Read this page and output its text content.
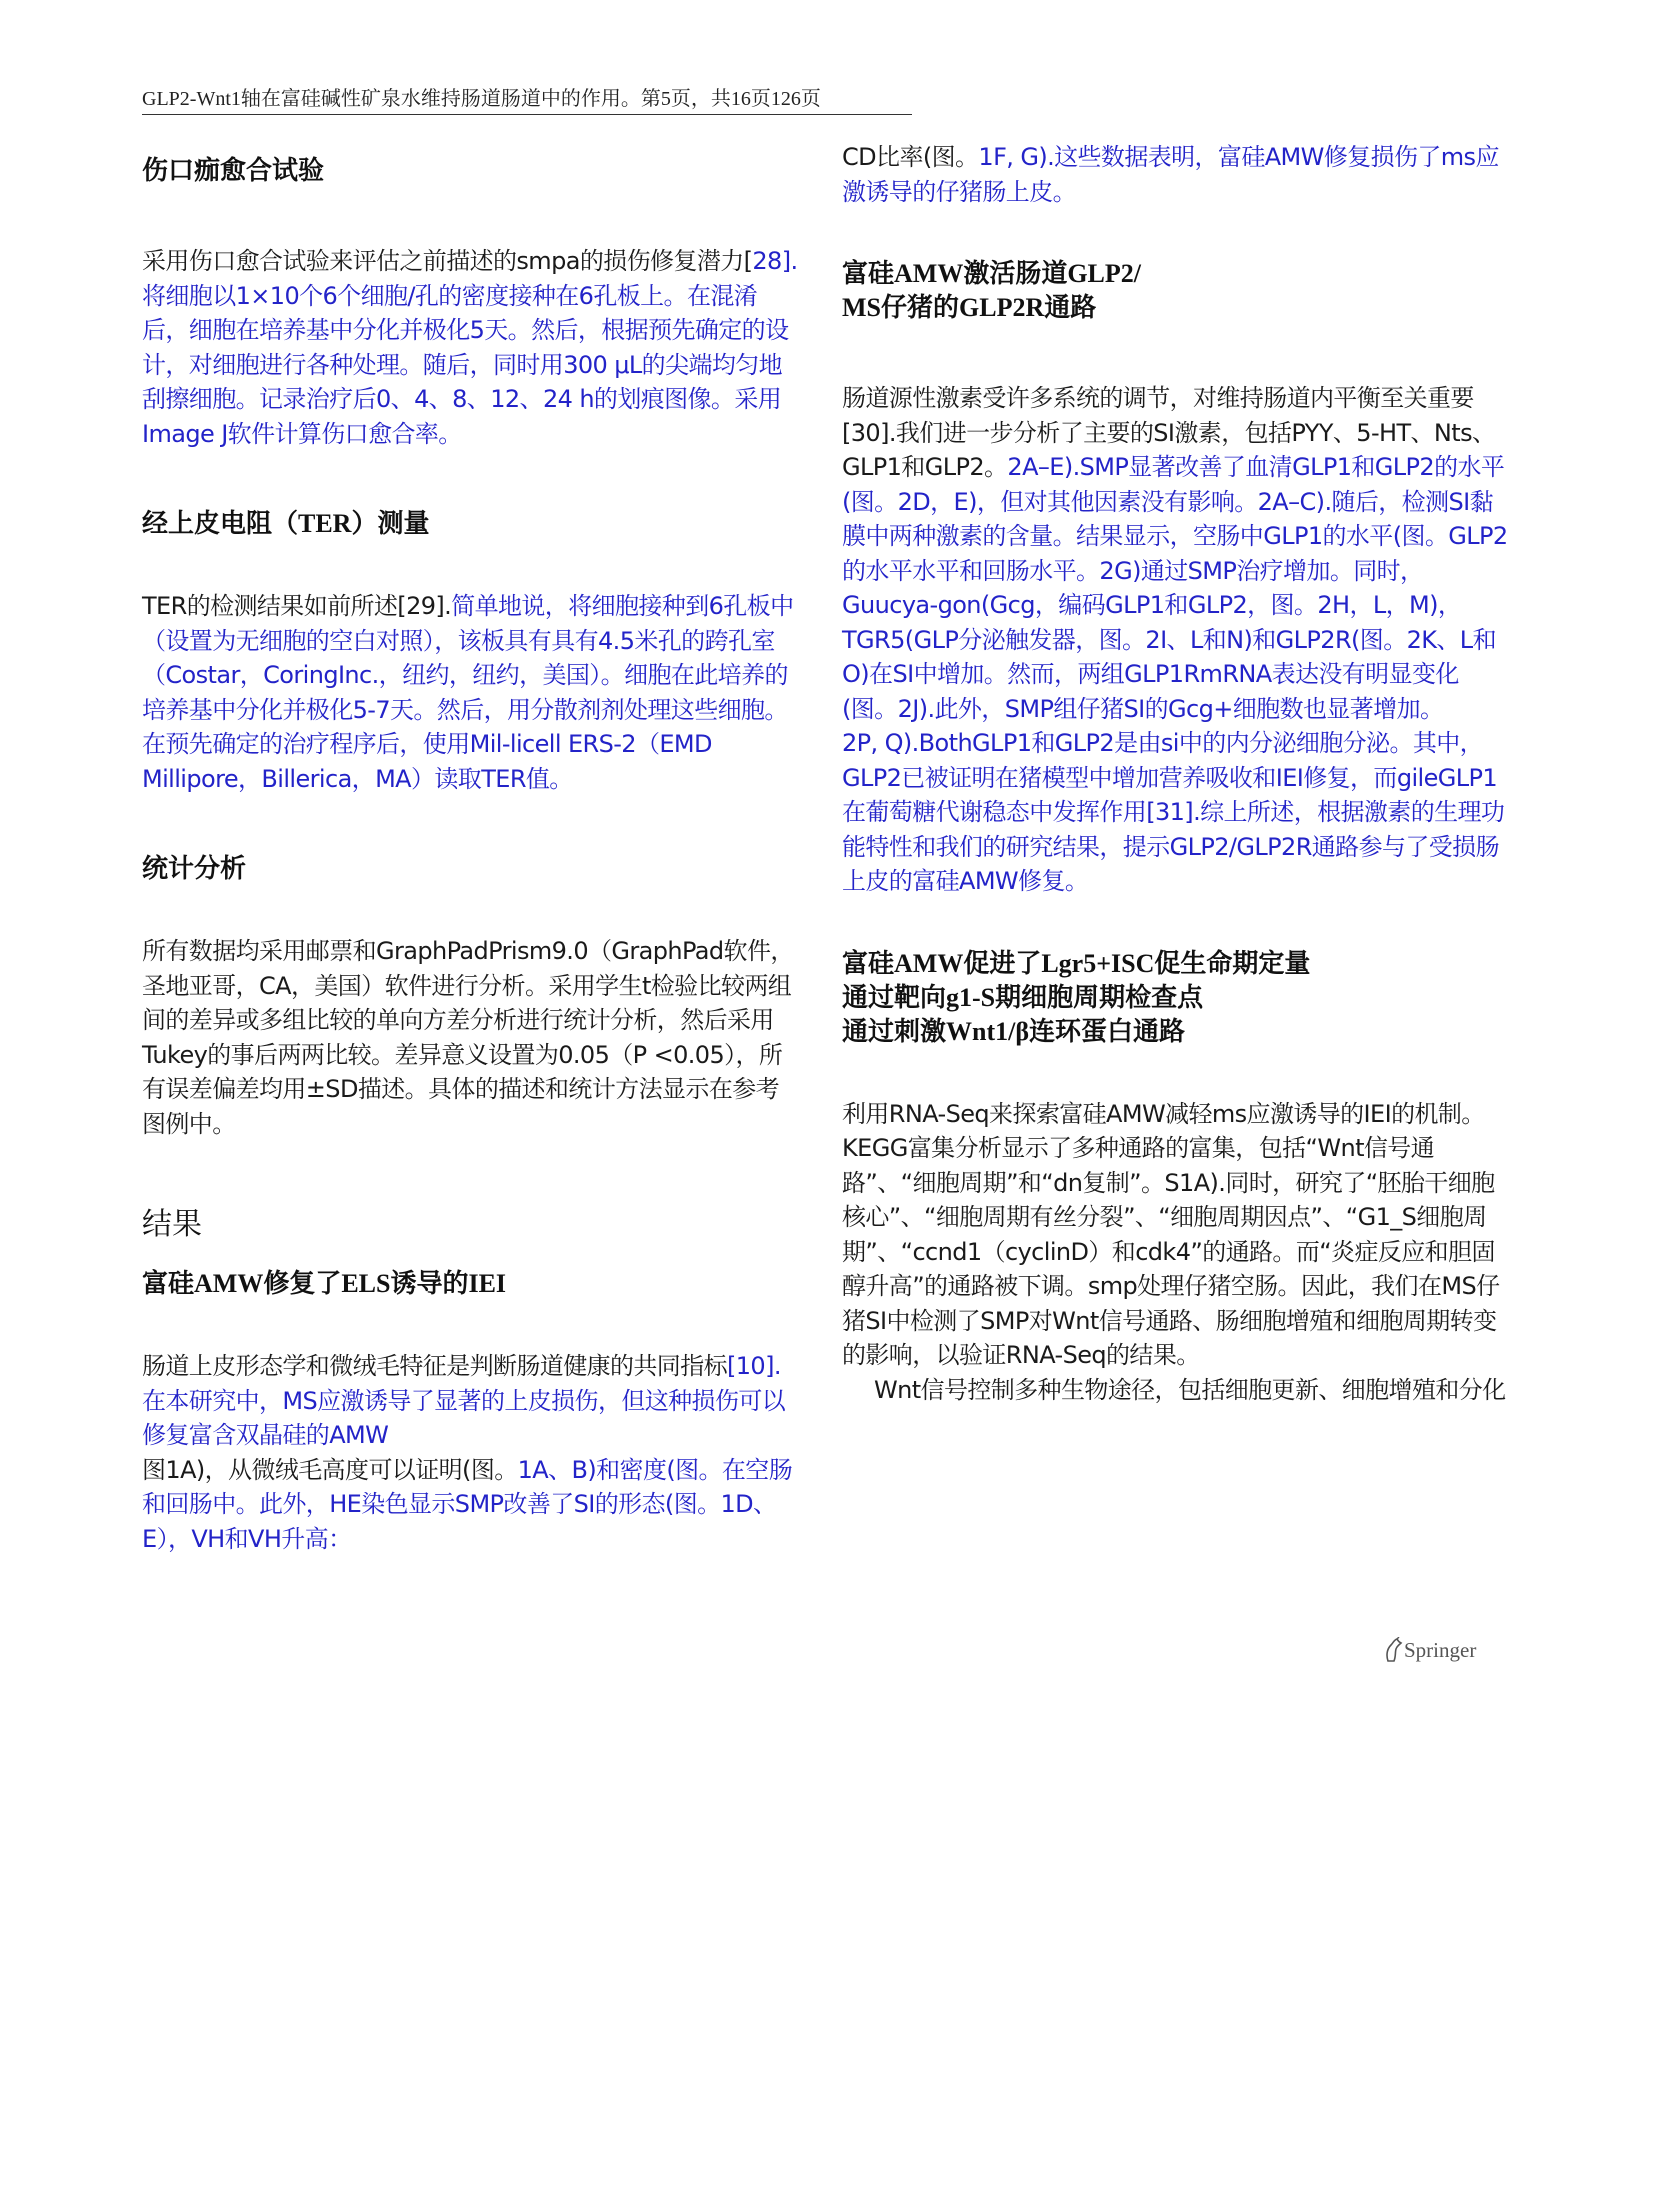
GLP2-Wnt1轴在富硅碱性矿泉水维持肠道肠道中的作用。第5页，共16页126页
伤口痂愈合试验

采用伤口愈合试验来评估之前描述的smpa的损伤修复潜力[28].将细胞以1×10个6个细胞/孔的密度接种在6孔板上。在混淆后，细胞在培养基中分化并极化5天。然后，根据预先确定的设计，对细胞进行各种处理。随后，同时用300 μL的尖端均匀地刮擦细胞。记录治疗后0、4、8、12、24 h的划痕图像。采用Image J软件计算伤口愈合率。

经上皮电阻（TER）测量

TER的检测结果如前所述[29].简单地说，将细胞接种到6孔板中（设置为无细胞的空白对照），该板具有具有4.5米孔的跨孔室（Costar，CoringInc.，纽约，纽约，美国）。细胞在此培养的培养基中分化并极化5-7天。然后，用分散剂剂处理这些细胞。在预先确定的治疗程序后，使用Mil-licell ERS-2（EMD Millipore，Billerica，MA）读取TER值。

统计分析

所有数据均采用邮票和GraphPadPrism9.0（GraphPad软件，圣地亚哥，CA，美国）软件进行分析。采用学生t检验比较两组间的差异或多组比较的单向方差分析进行统计分析，然后采用Tukey的事后两两比较。差异意义设置为0.05（P <0.05），所有误差偏差均用±SD描述。具体的描述和统计方法显示在参考图例中。

结果
富硅AMW修复了ELS诱导的IEI

肠道上皮形态学和微绒毛特征是判断肠道健康的共同指标[10].在本研究中，MS应激诱导了显著的上皮损伤，但这种损伤可以修复富含双晶硅的AMW

图1A)，从微绒毛高度可以证明(图。1A、B)和密度(图。在空肠和回肠中。此外，HE染色显示SMP改善了SI的形态(图。1D、E），VH和VH升高：

CD比率(图。1F, G).这些数据表明，富硅AMW修复损伤了ms应激诱导的仔猪肠上皮。

富硅AMW激活肠道GLP2/
MS仔猪的GLP2R通路

肠道源性激素受许多系统的调节，对维持肠道内平衡至关重要[30].我们进一步分析了主要的SI激素，包括PYY、5-HT、Nts、GLP1和GLP2。2A–E).SMP显著改善了血清GLP1和GLP2的水平(图。2D，E)，但对其他因素没有影响。2A–C).随后，检测SI黏膜中两种激素的含量。结果显示，空肠中GLP1的水平(图。GLP2的水平水平和回肠水平。2G)通过SMP治疗增加。同时，Guucya-gon(Gcg，编码GLP1和GLP2，图。2H，L，M)，TGR5(GLP分泌触发器，图。2I、L和N)和GLP2R(图。2K、L和O)在SI中增加。然而，两组GLP1RmRNA表达没有明显变化(图。2J).此外，SMP组仔猪SI的Gcg+细胞数也显著增加。　　　2P, Q).BothGLP1和GLP2是由si中的内分泌细胞分泌。其中，GLP2已被证明在猪模型中增加营养吸收和IEI修复，而gileGLP1在葡萄糖代谢稳态中发挥作用[31].综上所述，根据激素的生理功能特性和我们的研究结果，提示GLP2/GLP2R通路参与了受损肠上皮的富硅AMW修复。

富硅AMW促进了Lgr5+ISC促生命期定量
通过靶向g1-S期细胞周期检查点
通过刺激Wnt1/β连环蛋白通路

利用RNA-Seq来探索富硅AMW减轻ms应激诱导的IEI的机制。KEGG富集分析显示了多种通路的富集，包括“Wnt信号通路”、“细胞周期”和“dn复制”。S1A).同时，研究了“胚胎干细胞核心”、“细胞周期有丝分裂”、“细胞周期因点”、“G1_S细胞周期”、“ccnd1（cyclinD）和cdk4”的通路。而“炎症反应和胆固醇升高”的通路被下调。smp处理仔猪空肠。因此，我们在MS仔猪SI中检测了SMP对Wnt信号通路、肠细胞增殖和细胞周期转变的影响，以验证RNA-Seq的结果。

Wnt信号控制多种生物途径，包括细胞更新、细胞增殖和分化

Springer
